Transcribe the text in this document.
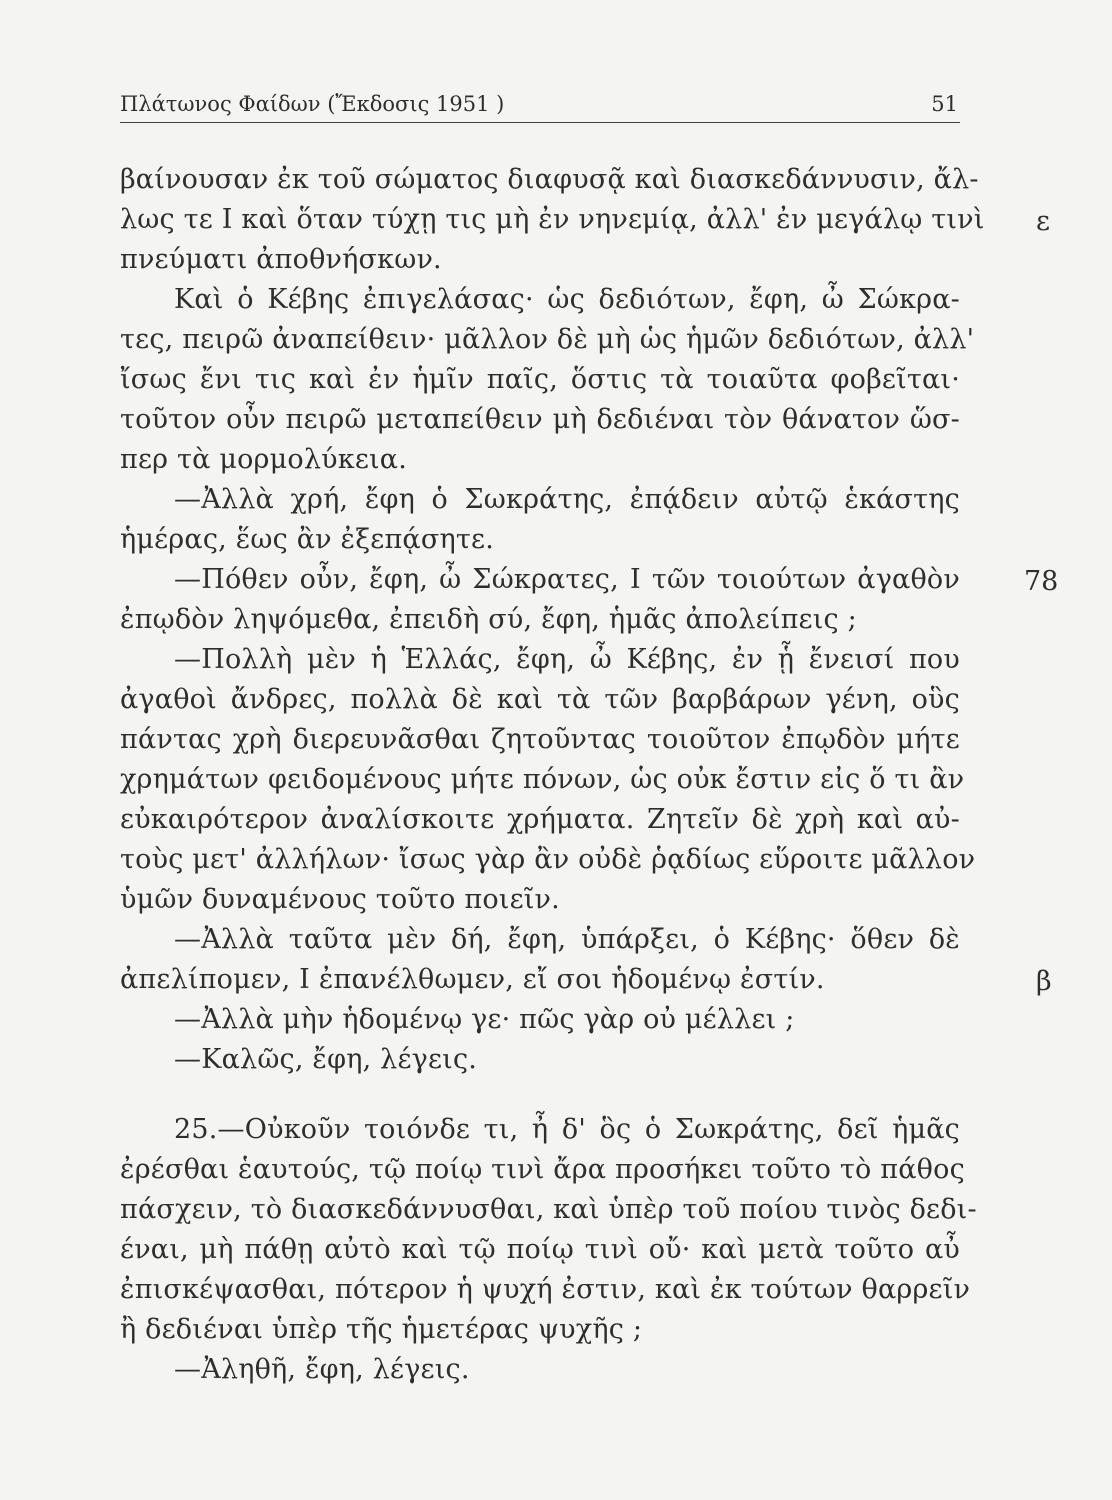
Πλάτωνος Φαίδων (Ἔκδοσις 1951 )	51
βαίνουσαν ἐκ τοῦ σώματος διαφυσᾷ καὶ διασκεδάννυσιν, ἄλ-
λως τε Ι καὶ ὅταν τύχῃ τις μὴ ἐν νηνεμίᾳ, ἀλλ' ἐν μεγάλῳ τινὶ
πνεύματι ἀποθνήσκων.
Καὶ ὁ Κέβης ἐπιγελάσας· ὡς δεδιότων, ἔφη, ὦ Σώκρα-
τες, πειρῶ ἀναπείθειν· μᾶλλον δὲ μὴ ὡς ἡμῶν δεδιότων, ἀλλ'
ἴσως ἔνι τις καὶ ἐν ἡμῖν παῖς, ὅστις τὰ τοιαῦτα φοβεῖται·
τοῦτον οὖν πειρῶ μεταπείθειν μὴ δεδιέναι τὸν θάνατον ὥσ-
περ τὰ μορμολύκεια.
—Ἀλλὰ χρή, ἔφη ὁ Σωκράτης, ἐπᾴδειν αὐτῷ ἑκάστης
ἡμέρας, ἕως ἂν ἐξεπᾴσητε.
—Πόθεν οὖν, ἔφη, ὦ Σώκρατες, Ι τῶν τοιούτων ἀγαθὸν
ἐπῳδὸν ληψόμεθα, ἐπειδὴ σύ, ἔφη, ἡμᾶς ἀπολείπεις ;
—Πολλὴ μὲν ἡ Ἑλλάς, ἔφη, ὦ Κέβης, ἐν ᾗ ἔνεισί που
ἀγαθοὶ ἄνδρες, πολλὰ δὲ καὶ τὰ τῶν βαρβάρων γένη, οὓς
πάντας χρὴ διερευνᾶσθαι ζητοῦντας τοιοῦτον ἐπῳδὸν μήτε
χρημάτων φειδομένους μήτε πόνων, ὡς οὐκ ἔστιν εἰς ὅ τι ἂν
εὐκαιρότερον ἀναλίσκοιτε χρήματα. Ζητεῖν δὲ χρὴ καὶ αὐ-
τοὺς μετ' ἀλλήλων· ἴσως γὰρ ἂν οὐδὲ ῥᾳδίως εὕροιτε μᾶλλον
ὑμῶν δυναμένους τοῦτο ποιεῖν.
—Ἀλλὰ ταῦτα μὲν δή, ἔφη, ὑπάρξει, ὁ Κέβης· ὅθεν δὲ
ἀπελίπομεν, Ι ἐπανέλθωμεν, εἴ σοι ἡδομένῳ ἐστίν.
—Ἀλλὰ μὴν ἡδομένῳ γε· πῶς γὰρ οὐ μέλλει ;
—Καλῶς, ἔφη, λέγεις.
25.—Οὐκοῦν τοιόνδε τι, ἦ δ' ὃς ὁ Σωκράτης, δεῖ ἡμᾶς
ἐρέσθαι ἑαυτούς, τῷ ποίῳ τινὶ ἄρα προσήκει τοῦτο τὸ πάθος
πάσχειν, τὸ διασκεδάννυσθαι, καὶ ὑπὲρ τοῦ ποίου τινὸς δεδι-
έναι, μὴ πάθῃ αὐτὸ καὶ τῷ ποίῳ τινὶ οὔ· καὶ μετὰ τοῦτο αὖ
ἐπισκέψασθαι, πότερον ἡ ψυχή ἐστιν, καὶ ἐκ τούτων θαρρεῖν
ἢ δεδιέναι ὑπὲρ τῆς ἡμετέρας ψυχῆς ;
—Ἀληθῆ, ἔφη, λέγεις.
ε
78
β
